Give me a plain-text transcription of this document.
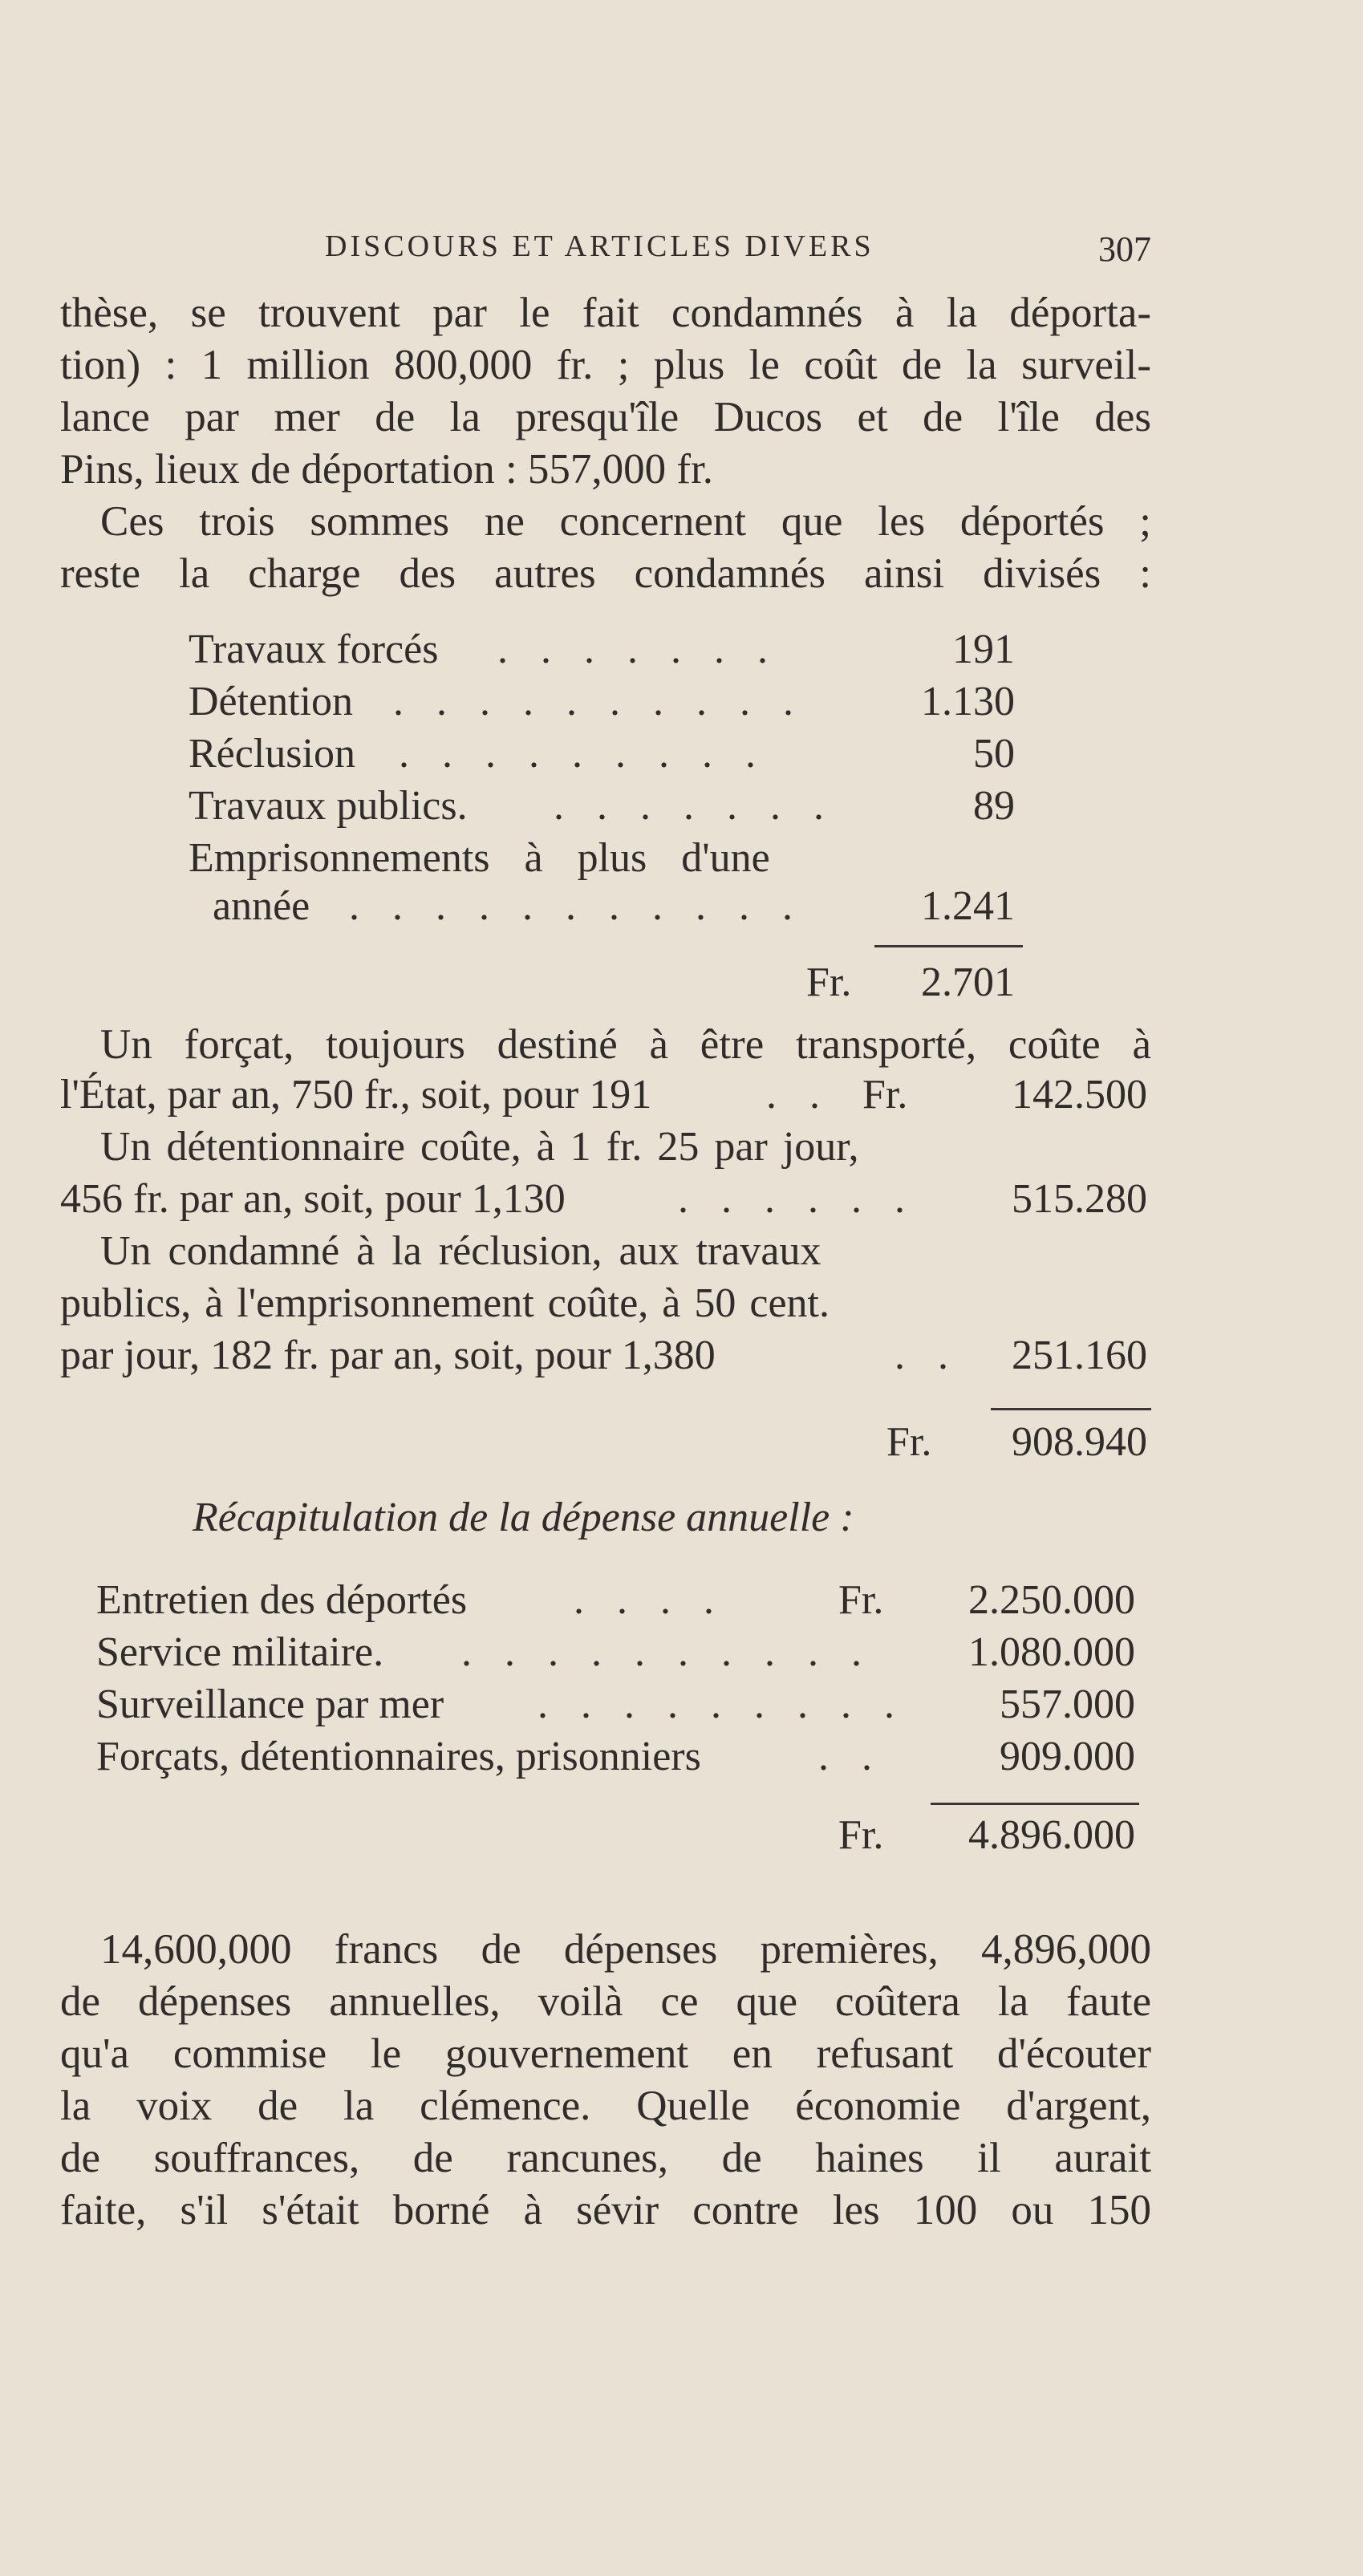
DISCOURS ET ARTICLES DIVERS	307
thèse, se trouvent par le fait condamnés à la déporta-
tion) : 1 million 800,000 fr. ; plus le coût de la surveil-
lance par mer de la presqu'île Ducos et de l'île des
Pins, lieux de déportation : 557,000 fr.
Ces trois sommes ne concernent que les déportés ;
reste la charge des autres condamnés ainsi divisés :
Travaux forcés . . . . . . .	191
Détention . . . . . . . . . .	1.130
Réclusion . . . . . . . . .	50
Travaux publics. . . . . . . .	89
Emprisonnements à plus d'une
année . . . . . . . . . . .	1.241
Fr. 2.701
Un forçat, toujours destiné à être transporté, coûte à
l'État, par an, 750 fr., soit, pour 191	. . Fr. 142.500
Un détentionnaire coûte, à 1 fr. 25 par jour,
456 fr. par an, soit, pour 1,130	. . . . . . 515.280
Un condamné à la réclusion, aux travaux
publics, à l'emprisonnement coûte, à 50 cent.
par jour, 182 fr. par an, soit, pour 1,380	. . 251.160
Fr. 908.940
Récapitulation de la dépense annuelle :
Entretien des déportés	. . . .	Fr. 2.250.000
Service militaire. . . . . . . . . . . 1.080.000
Surveillance par mer . . . . . . . . . 557.000
Forçats, détentionnaires, prisonniers	. .	909.000
Fr. 4.896.000
14,600,000 francs de dépenses premières, 4,896,000
de dépenses annuelles, voilà ce que coûtera la faute
qu'a commise le gouvernement en refusant d'écouter
la voix de la clémence. Quelle économie d'argent,
de souffrances, de rancunes, de haines il aurait
faite, s'il s'était borné à sévir contre les 100 ou 150
